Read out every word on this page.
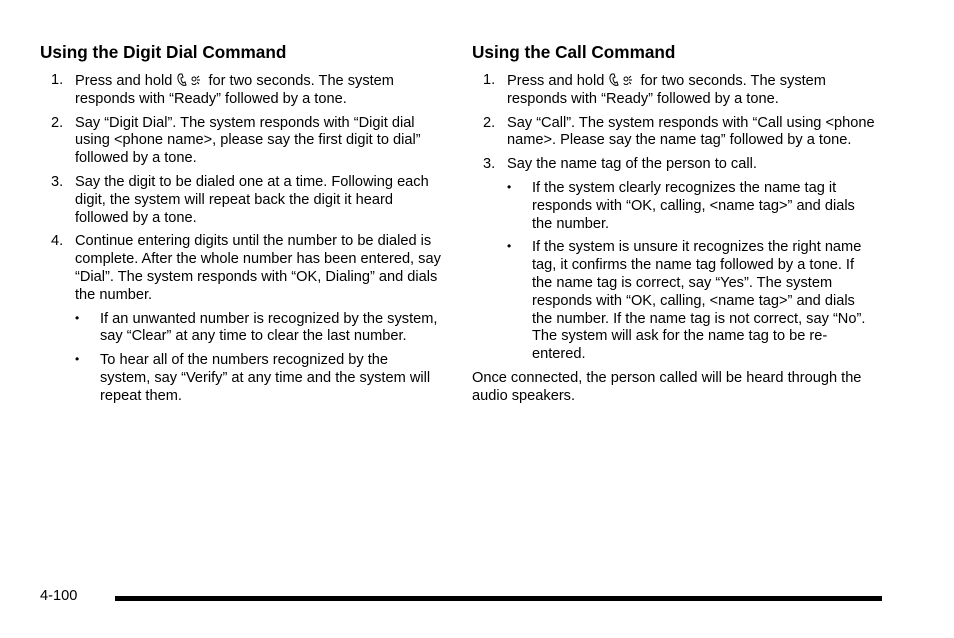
Using the Digit Dial Command
1. Press and hold  for two seconds. The system responds with “Ready” followed by a tone.
2. Say “Digit Dial”. The system responds with “Digit dial using <phone name>, please say the first digit to dial” followed by a tone.
3. Say the digit to be dialed one at a time. Following each digit, the system will repeat back the digit it heard followed by a tone.
4. Continue entering digits until the number to be dialed is complete. After the whole number has been entered, say “Dial”. The system responds with “OK, Dialing” and dials the number.
• If an unwanted number is recognized by the system, say “Clear” at any time to clear the last number.
• To hear all of the numbers recognized by the system, say “Verify” at any time and the system will repeat them.
Using the Call Command
1. Press and hold  for two seconds. The system responds with “Ready” followed by a tone.
2. Say “Call”. The system responds with “Call using <phone name>. Please say the name tag” followed by a tone.
3. Say the name tag of the person to call.
• If the system clearly recognizes the name tag it responds with “OK, calling, <name tag>” and dials the number.
• If the system is unsure it recognizes the right name tag, it confirms the name tag followed by a tone. If the name tag is correct, say “Yes”. The system responds with “OK, calling, <name tag>” and dials the number. If the name tag is not correct, say “No”. The system will ask for the name tag to be re-entered.

Once connected, the person called will be heard through the audio speakers.

4-100
